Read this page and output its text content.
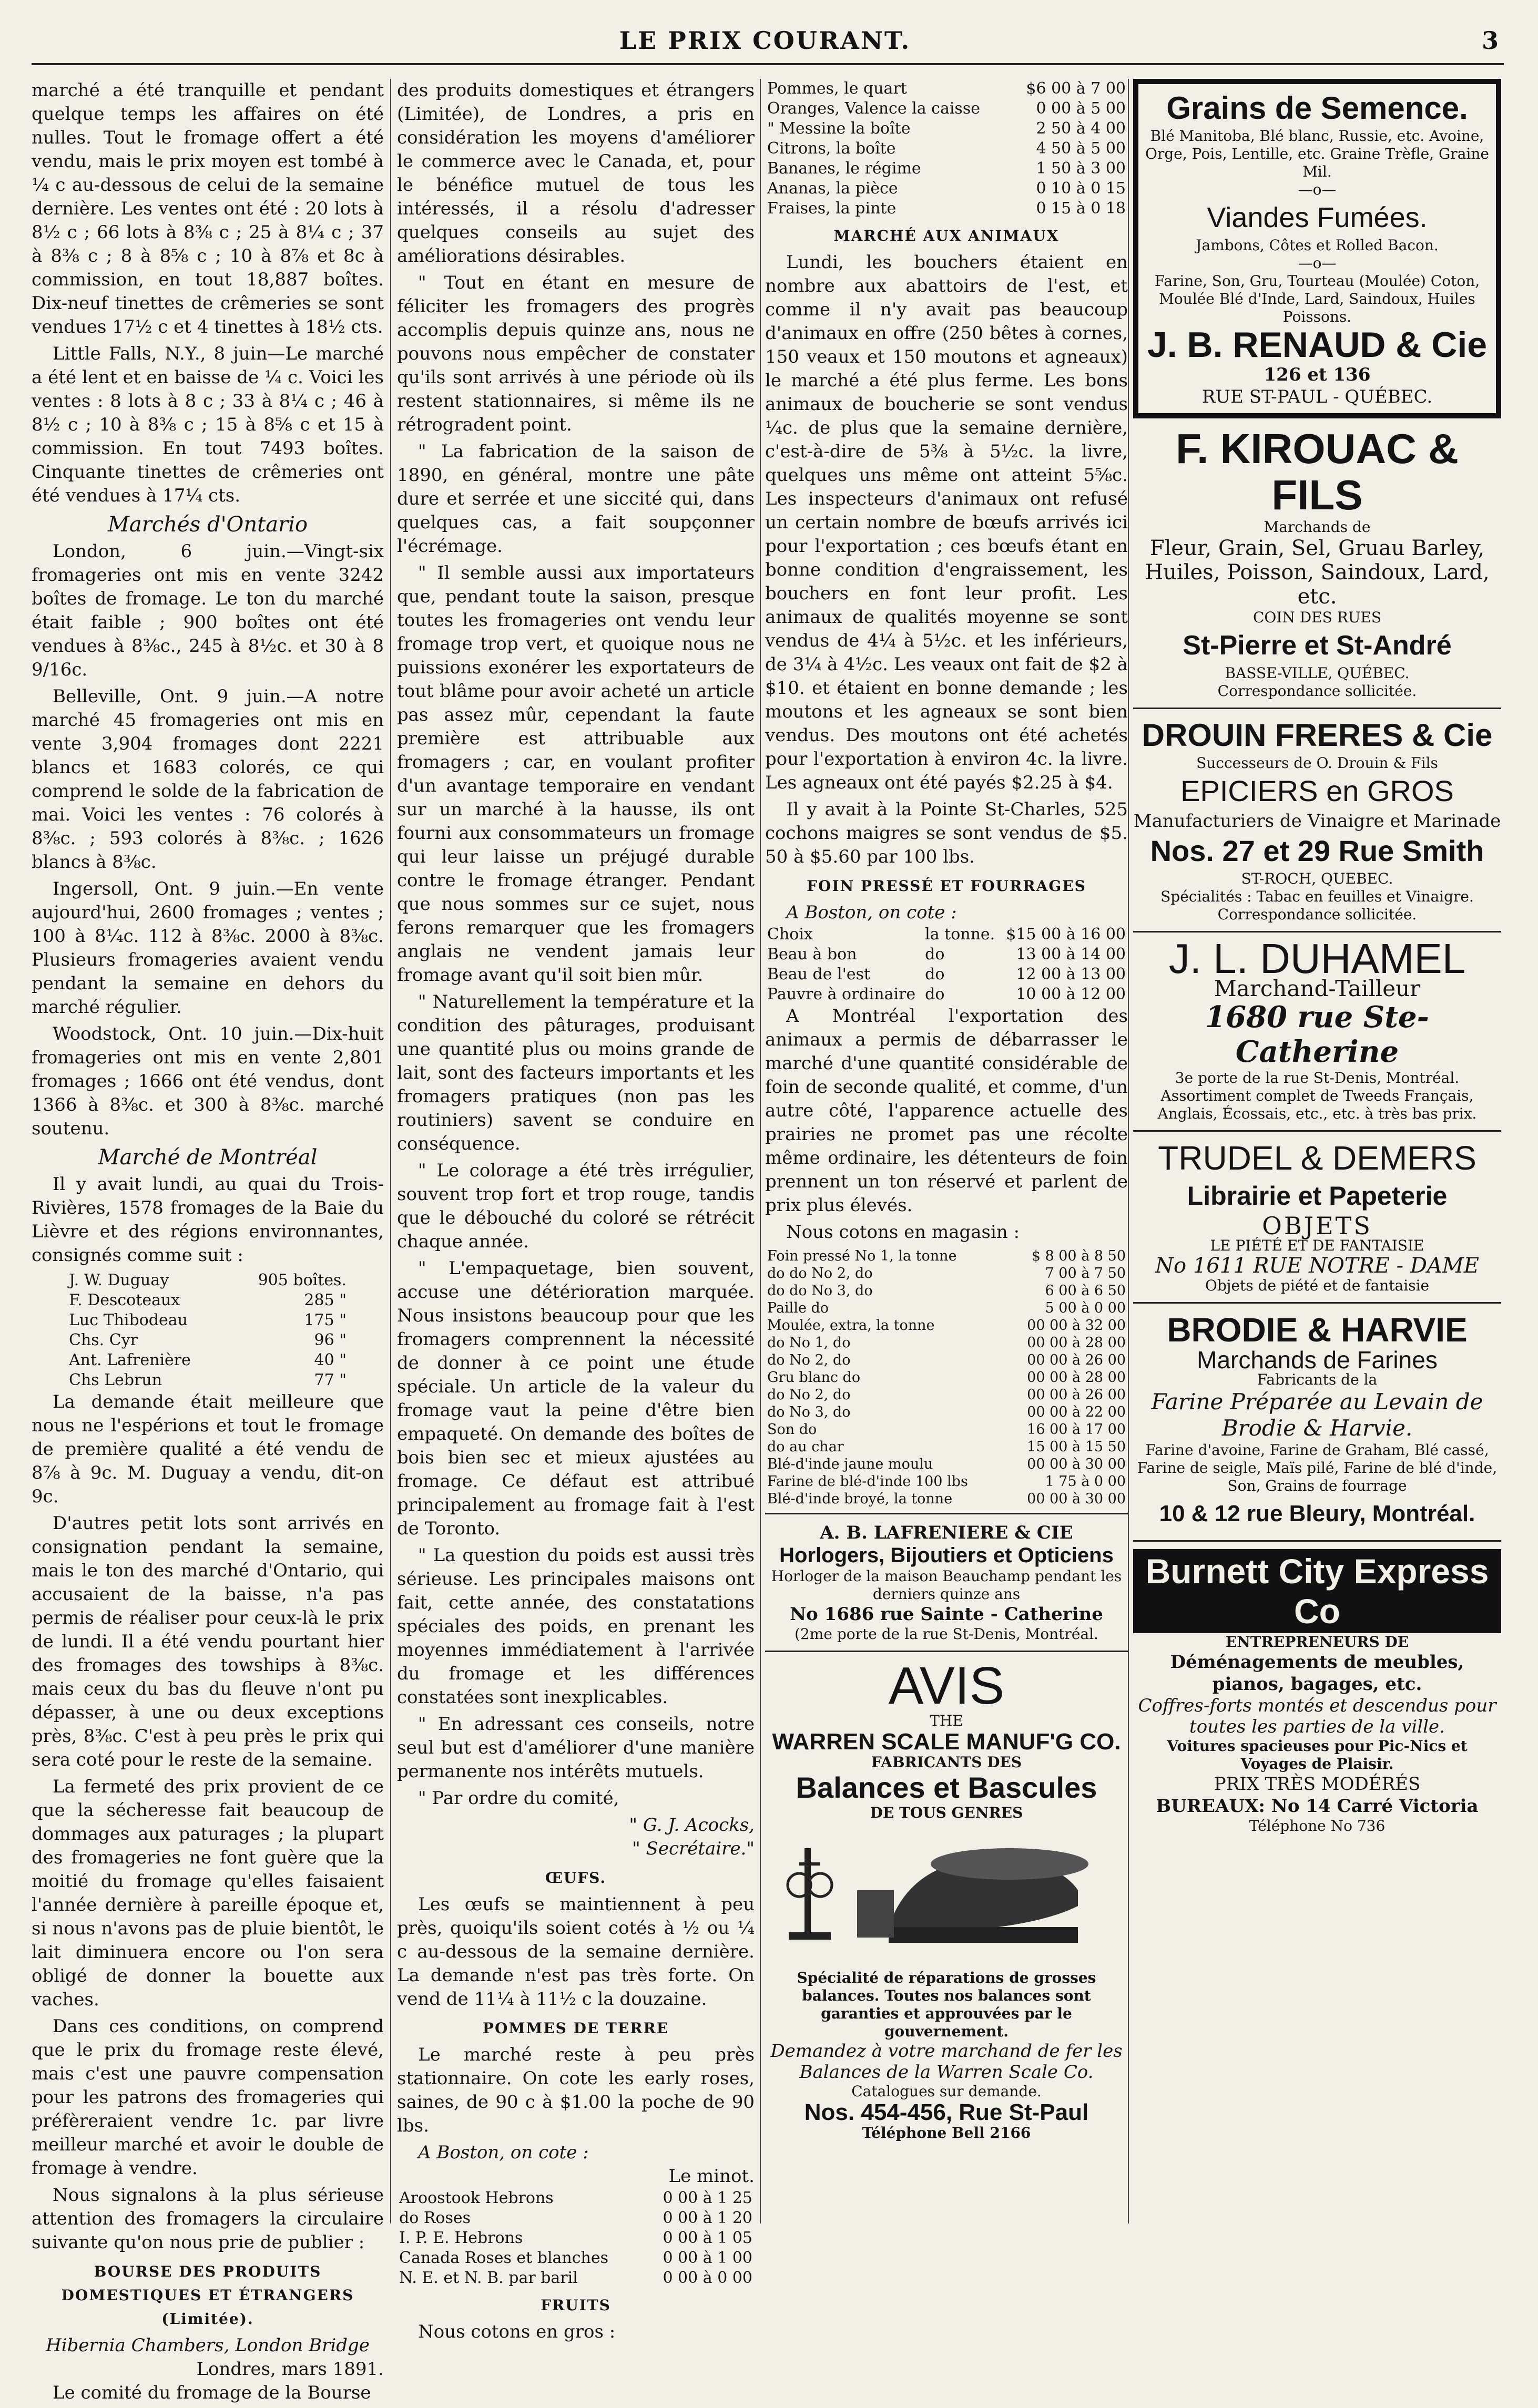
LE PRIX COURANT.	3

marché a été tranquille et pendant quelque temps les affaires on été nulles. Tout le fromage offert a été vendu, mais le prix moyen est tombé à ¼ c au-dessous de celui de la semaine dernière. Les ventes ont été : 20 lots à 8½ c ; 66 lots à 8⅜ c ; 25 à 8¼ c ; 37 à 8⅜ c ; 8 à 8⅝ c ; 10 à 8⅞ et 8c à commission, en tout 18,887 boîtes. Dix-neuf tinettes de crêmeries se sont vendues 17½ c et 4 tinettes à 18½ cts.

Little Falls, N.Y., 8 juin—Le marché a été lent et en baisse de ¼ c. Voici les ventes : 8 lots à 8 c ; 33 à 8¼ c ; 46 à 8½ c ; 10 à 8⅜ c ; 15 à 8⅝ c et 15 à commission. En tout 7493 boîtes. Cinquante tinettes de crêmeries ont été vendues à 17¼ cts.

Marchés d'Ontario

London, 6 juin.—Vingt-six fromageries ont mis en vente 3242 boîtes de fromage. Le ton du marché était faible ; 900 boîtes ont été vendues à 8⅜c., 245 à 8½c. et 30 à 8 9/16c.

Belleville, Ont. 9 juin.—A notre marché 45 fromageries ont mis en vente 3,904 fromages dont 2221 blancs et 1683 colorés, ce qui comprend le solde de la fabrication de mai. Voici les ventes : 76 colorés à 8⅜c. ; 593 colorés à 8⅜c. ; 1626 blancs à 8⅜c.

Ingersoll, Ont. 9 juin.—En vente aujourd'hui, 2600 fromages ; ventes ; 100 à 8¼c. 112 à 8⅜c. 2000 à 8⅜c. Plusieurs fromageries avaient vendu pendant la semaine en dehors du marché régulier.

Woodstock, Ont. 10 juin.—Dix-huit fromageries ont mis en vente 2,801 fromages ; 1666 ont été vendus, dont 1366 à 8⅜c. et 300 à 8⅜c. marché soutenu.

Marché de Montréal

Il y avait lundi, au quai du Trois-Rivières, 1578 fromages de la Baie du Lièvre et des régions environnantes, consignés comme suit :

J. W. Duguay	905 boîtes.
F. Descoteaux	285 "
Luc Thibodeau	175 "
Chs. Cyr	96 "
Ant. Lafrenière	40 "
Chs Lebrun	77 "

La demande était meilleure que nous ne l'espérions et tout le fromage de première qualité a été vendu de 8⅞ à 9c. M. Duguay a vendu, dit-on 9c.

D'autres petit lots sont arrivés en consignation pendant la semaine, mais le ton des marché d'Ontario, qui accusaient de la baisse, n'a pas permis de réaliser pour ceux-là le prix de lundi. Il a été vendu pourtant hier des fromages des towships à 8⅜c. mais ceux du bas du fleuve n'ont pu dépasser, à une ou deux exceptions près, 8⅜c. C'est à peu près le prix qui sera coté pour le reste de la semaine.

La fermeté des prix provient de ce que la sécheresse fait beaucoup de dommages aux paturages ; la plupart des fromageries ne font guère que la moitié du fromage qu'elles faisaient l'année dernière à pareille époque et, si nous n'avons pas de pluie bientôt, le lait diminuera encore ou l'on sera obligé de donner la bouette aux vaches.

Dans ces conditions, on comprend que le prix du fromage reste élevé, mais c'est une pauvre compensation pour les patrons des fromageries qui préfèreraient vendre 1c. par livre meilleur marché et avoir le double de fromage à vendre.

Nous signalons à la plus sérieuse attention des fromagers la circulaire suivante qu'on nous prie de publier :

BOURSE DES PRODUITS DOMESTIQUES ET ÉTRANGERS (Limitée).
Hibernia Chambers, London Bridge
Londres, mars 1891.

Le comité du fromage de la Bourse

des produits domestiques et étrangers (Limitée), de Londres, a pris en considération les moyens d'améliorer le commerce avec le Canada, et, pour le bénéfice mutuel de tous les intéressés, il a résolu d'adresser quelques conseils au sujet des améliorations désirables.

" Tout en étant en mesure de féliciter les fromagers des progrès accomplis depuis quinze ans, nous ne pouvons nous empêcher de constater qu'ils sont arrivés à une période où ils restent stationnaires, si même ils ne rétrogradent point.

" La fabrication de la saison de 1890, en général, montre une pâte dure et serrée et une siccité qui, dans quelques cas, a fait soupçonner l'écrémage.

" Il semble aussi aux importateurs que, pendant toute la saison, presque toutes les fromageries ont vendu leur fromage trop vert, et quoique nous ne puissions exonérer les exportateurs de tout blâme pour avoir acheté un article pas assez mûr, cependant la faute première est attribuable aux fromagers ; car, en voulant profiter d'un avantage temporaire en vendant sur un marché à la hausse, ils ont fourni aux consommateurs un fromage qui leur laisse un préjugé durable contre le fromage étranger. Pendant que nous sommes sur ce sujet, nous ferons remarquer que les fromagers anglais ne vendent jamais leur fromage avant qu'il soit bien mûr.

" Naturellement la température et la condition des pâturages, produisant une quantité plus ou moins grande de lait, sont des facteurs importants et les fromagers pratiques (non pas les routiniers) savent se conduire en conséquence.

" Le colorage a été très irrégulier, souvent trop fort et trop rouge, tandis que le débouché du coloré se rétrécit chaque année.

" L'empaquetage, bien souvent, accuse une détérioration marquée. Nous insistons beaucoup pour que les fromagers comprennent la nécessité de donner à ce point une étude spéciale. Un article de la valeur du fromage vaut la peine d'être bien empaqueté. On demande des boîtes de bois bien sec et mieux ajustées au fromage. Ce défaut est attribué principalement au fromage fait à l'est de Toronto.

" La question du poids est aussi très sérieuse. Les principales maisons ont fait, cette année, des constatations spéciales des poids, en prenant les moyennes immédiatement à l'arrivée du fromage et les différences constatées sont inexplicables.

" En adressant ces conseils, notre seul but est d'améliorer d'une manière permanente nos intérêts mutuels.

" Par ordre du comité,

" G. J. Acocks,
" Secrétaire."
ŒUFS.

Les œufs se maintiennent à peu près, quoiqu'ils soient cotés à ½ ou ¼ c au-dessous de la semaine dernière. La demande n'est pas très forte. On vend de 11¼ à 11½ c la douzaine.

POMMES DE TERRE

Le marché reste à peu près stationnaire. On cote les early roses, saines, de 90 c à $1.00 la poche de 90 lbs.

A Boston, on cote :
Le minot.
Aroostook Hebrons	0 00 à 1 25
do Roses	0 00 à 1 20
I. P. E. Hebrons	0 00 à 1 05
Canada Roses et blanches	0 00 à 1 00
N. E. et N. B. par baril	0 00 à 0 00
FRUITS

Nous cotons en gros :

Pommes, le quart	$6 00 à 7 00
Oranges, Valence la caisse	0 00 à 5 00
" Messine la boîte	2 50 à 4 00
Citrons, la boîte	4 50 à 5 00
Bananes, le régime	1 50 à 3 00
Ananas, la pièce	0 10 à 0 15
Fraises, la pinte	0 15 à 0 18
MARCHÉ AUX ANIMAUX

Lundi, les bouchers étaient en nombre aux abattoirs de l'est, et comme il n'y avait pas beaucoup d'animaux en offre (250 bêtes à cornes, 150 veaux et 150 moutons et agneaux) le marché a été plus ferme. Les bons animaux de boucherie se sont vendus ¼c. de plus que la semaine dernière, c'est-à-dire de 5⅜ à 5½c. la livre, quelques uns même ont atteint 5⅝c. Les inspecteurs d'animaux ont refusé un certain nombre de bœufs arrivés ici pour l'exportation ; ces bœufs étant en bonne condition d'engraissement, les bouchers en font leur profit. Les animaux de qualités moyenne se sont vendus de 4¼ à 5½c. et les inférieurs, de 3¼ à 4½c. Les veaux ont fait de $2 à $10. et étaient en bonne demande ; les moutons et les agneaux se sont bien vendus. Des moutons ont été achetés pour l'exportation à environ 4c. la livre. Les agneaux ont été payés $2.25 à $4.

Il y avait à la Pointe St-Charles, 525 cochons maigres se sont vendus de $5. 50 à $5.60 par 100 lbs.

FOIN PRESSÉ ET FOURRAGES
A Boston, on cote :
Choix	la tonne.	$15 00 à 16 00
Beau à bon	do	13 00 à 14 00
Beau de l'est	do	12 00 à 13 00
Pauvre à ordinaire	do	10 00 à 12 00

A Montréal l'exportation des animaux a permis de débarrasser le marché d'une quantité considérable de foin de seconde qualité, et comme, d'un autre côté, l'apparence actuelle des prairies ne promet pas une récolte même ordinaire, les détenteurs de foin prennent un ton réservé et parlent de prix plus élevés.

Nous cotons en magasin :

Foin pressé No 1, la tonne	$ 8 00 à 8 50
do do No 2, do	7 00 à 7 50
do do No 3, do	6 00 à 6 50
Paille do	5 00 à 0 00
Moulée, extra, la tonne	00 00 à 32 00
do No 1, do	00 00 à 28 00
do No 2, do	00 00 à 26 00
Gru blanc do	00 00 à 28 00
do No 2, do	00 00 à 26 00
do No 3, do	00 00 à 22 00
Son do	16 00 à 17 00
do au char	15 00 à 15 50
Blé-d'inde jaune moulu	00 00 à 30 00
Farine de blé-d'inde 100 lbs	1 75 à 0 00
Blé-d'inde broyé, la tonne	00 00 à 30 00
A. B. LAFRENIERE & CIE
Horlogers, Bijoutiers et Opticiens
Horloger de la maison Beauchamp pendant les derniers quinze ans
No 1686 rue Sainte - Catherine
(2me porte de la rue St-Denis, Montréal.
AVIS
THE
WARREN SCALE MANUF'G CO.
FABRICANTS DES
Balances et Bascules
DE TOUS GENRES
Spécialité de réparations de grosses balances. Toutes nos balances sont garanties et approuvées par le gouvernement.
Demandez à votre marchand de fer les Balances de la Warren Scale Co.
Catalogues sur demande.
Nos. 454-456, Rue St-Paul
Téléphone Bell 2166
Grains de Semence.
Blé Manitoba, Blé blanc, Russie, etc. Avoine, Orge, Pois, Lentille, etc. Graine Trèfle, Graine Mil.
—o—
Viandes Fumées.
Jambons, Côtes et Rolled Bacon.
—o—
Farine, Son, Gru, Tourteau (Moulée) Coton, Moulée Blé d'Inde, Lard, Saindoux, Huiles Poissons.
J. B. RENAUD & Cie
126 et 136
RUE ST-PAUL - QUÉBEC.
F. KIROUAC & FILS
Marchands de
Fleur, Grain, Sel, Gruau Barley, Huiles, Poisson, Saindoux, Lard, etc.
COIN DES RUES
St-Pierre et St-André
BASSE-VILLE, QUÉBEC.
Correspondance sollicitée.
DROUIN FRERES & Cie
Successeurs de O. Drouin & Fils
EPICIERS en GROS
Manufacturiers de Vinaigre et Marinade
Nos. 27 et 29 Rue Smith
ST-ROCH, QUEBEC.
Spécialités : Tabac en feuilles et Vinaigre. Correspondance sollicitée.
J. L. DUHAMEL
Marchand-Tailleur
1680 rue Ste-Catherine
3e porte de la rue St-Denis, Montréal.
Assortiment complet de Tweeds Français, Anglais, Écossais, etc., etc. à très bas prix.
TRUDEL & DEMERS
Librairie et Papeterie
OBJETS
LE PIÉTÉ ET DE FANTAISIE
No 1611 RUE NOTRE - DAME
Objets de piété et de fantaisie
BRODIE & HARVIE
Marchands de Farines
Fabricants de la
Farine Préparée au Levain de Brodie & Harvie.
Farine d'avoine, Farine de Graham, Blé cassé, Farine de seigle, Maïs pilé, Farine de blé d'inde, Son, Grains de fourrage
10 & 12 rue Bleury, Montréal.
Burnett City Express Co
ENTREPRENEURS DE
Déménagements de meubles, pianos, bagages, etc.
Coffres-forts montés et descendus pour toutes les parties de la ville.
Voitures spacieuses pour Pic-Nics et Voyages de Plaisir.
PRIX TRÈS MODÉRÉS
BUREAUX: No 14 Carré Victoria
Téléphone No 736
